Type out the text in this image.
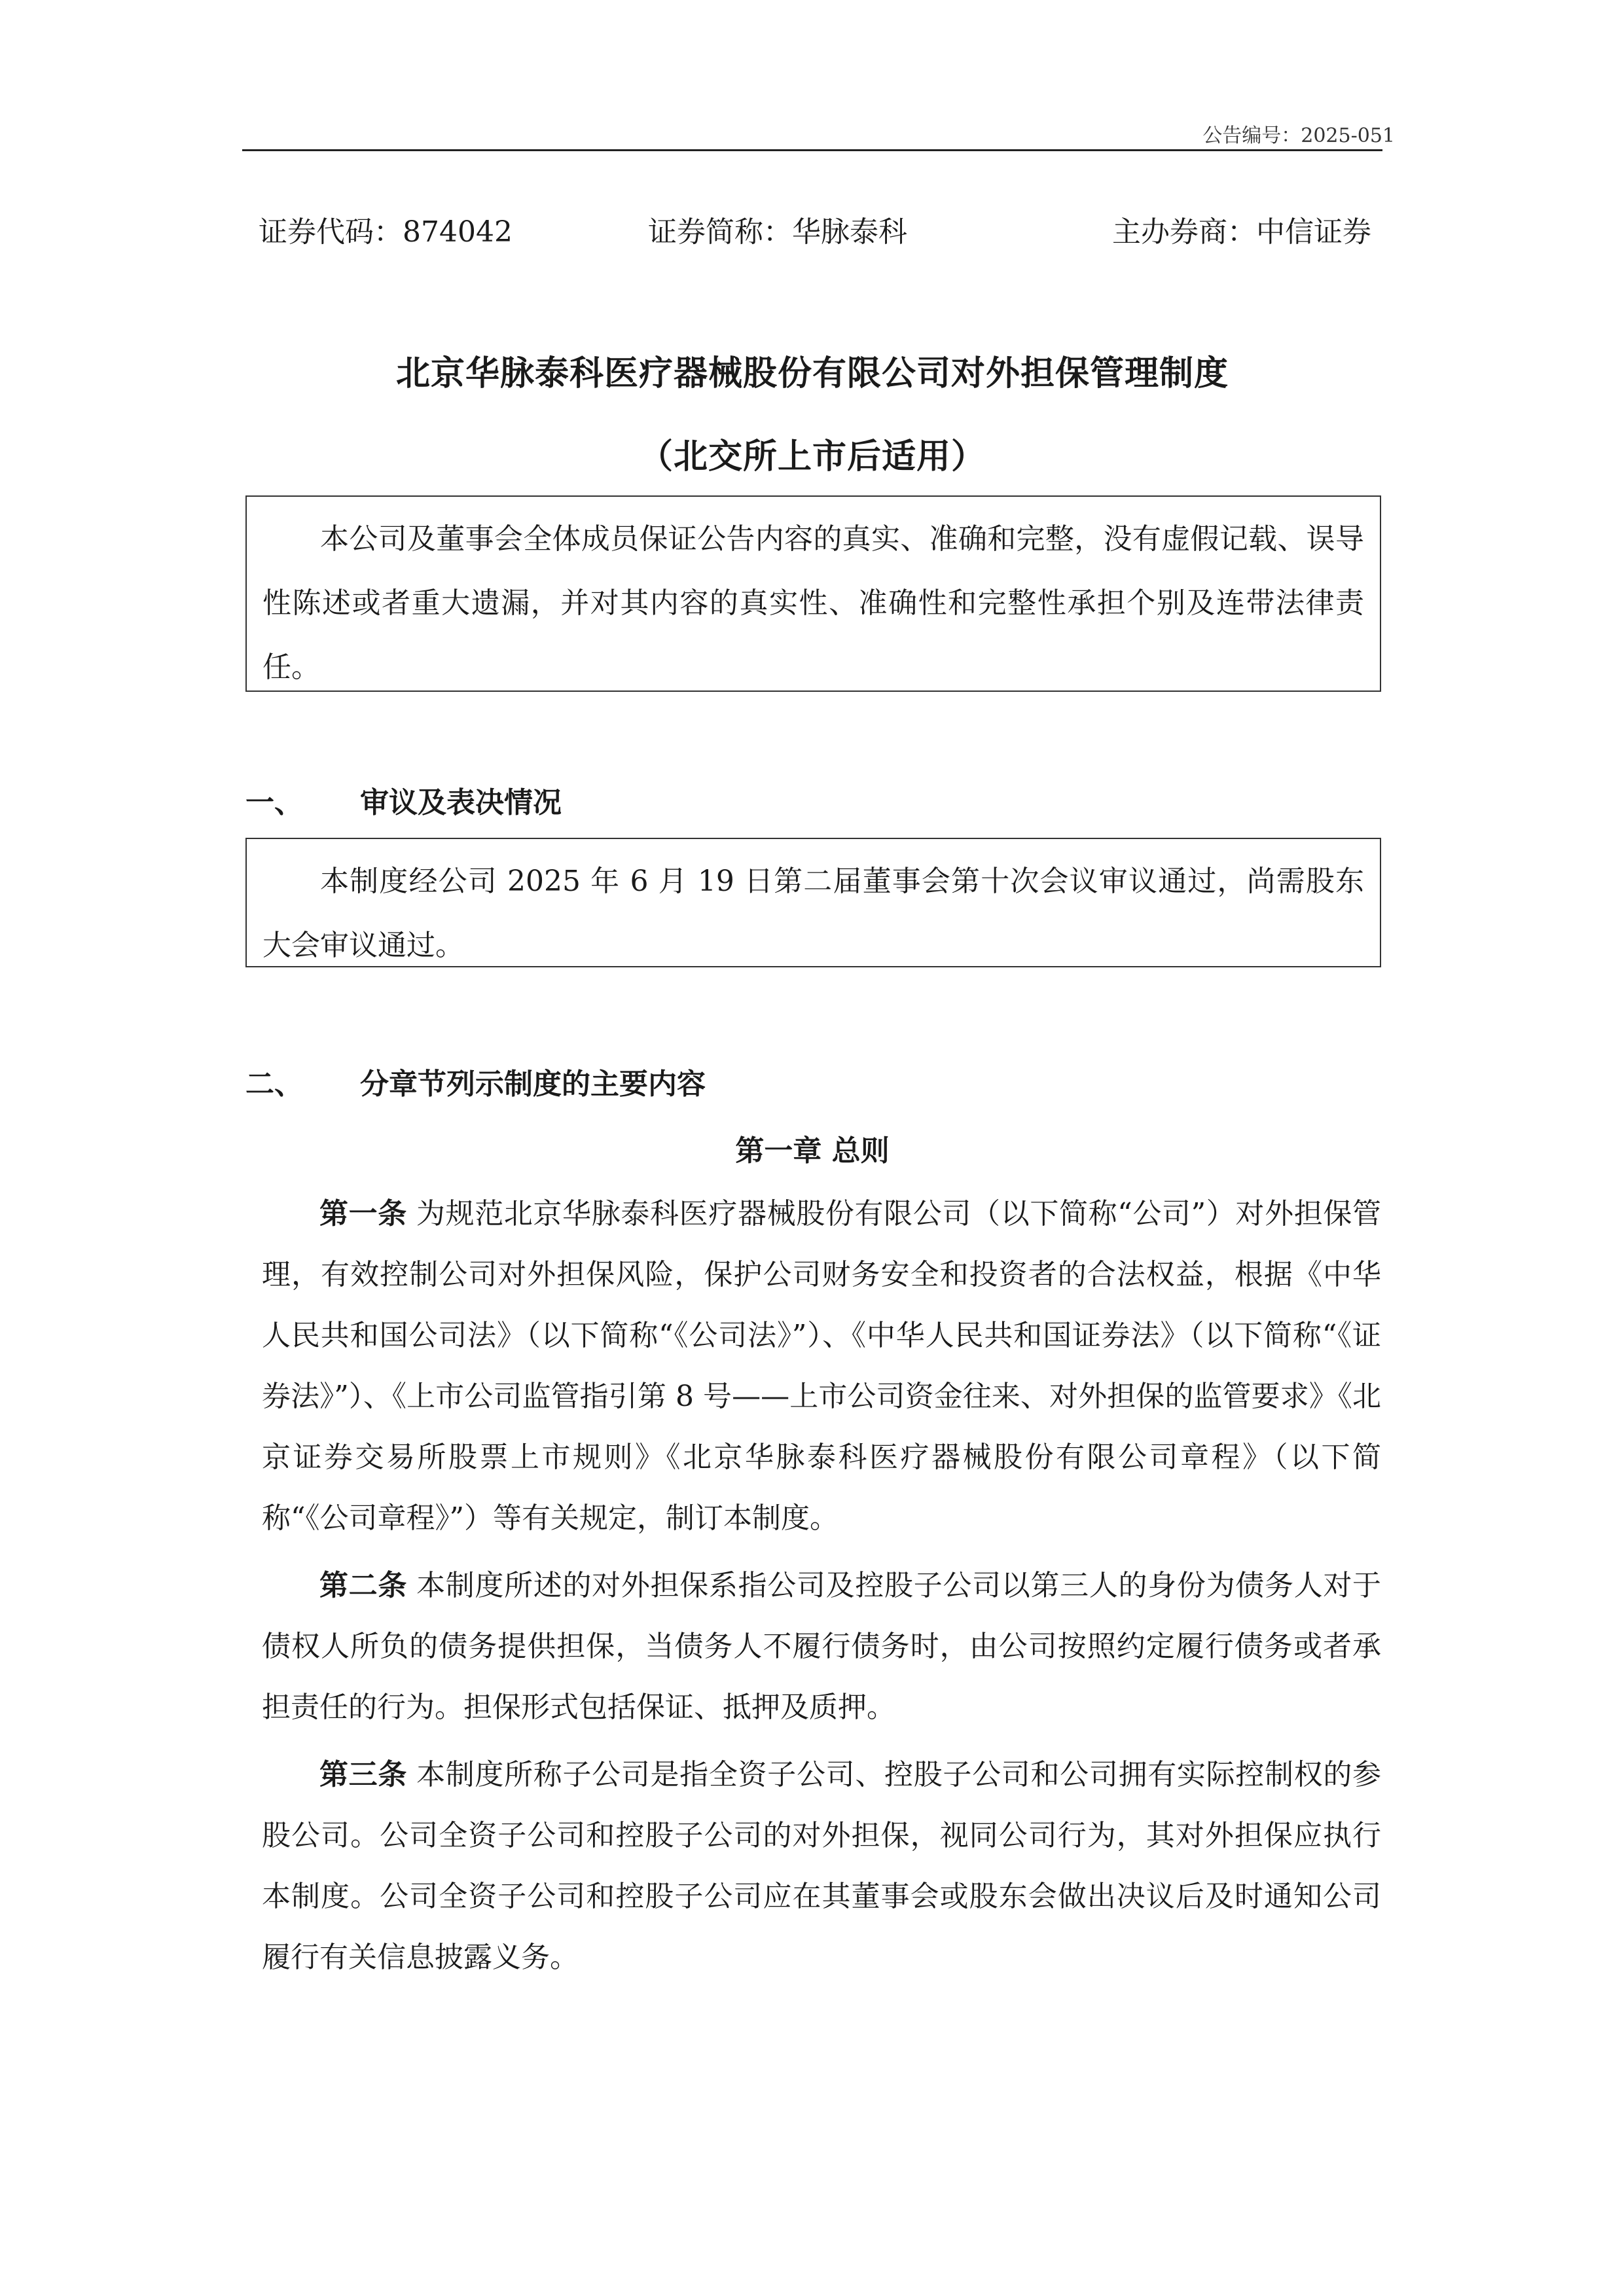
公告编号：2025-051
证券代码：874042	证券简称：华脉泰科	主办券商：中信证券
北京华脉泰科医疗器械股份有限公司对外担保管理制度
（北交所上市后适用）

本公司及董事会全体成员保证公告内容的真实、准确和完整，没有虚假记载、误导性陈述或者重大遗漏，并对其内容的真实性、准确性和完整性承担个别及连带法律责任。

一、 审议及表决情况

本制度经公司 2025 年 6 月 19 日第二届董事会第十次会议审议通过，尚需股东大会审议通过。

二、 分章节列示制度的主要内容
第一章 总则

第一条 为规范北京华脉泰科医疗器械股份有限公司（以下简称“公司”）对外担保管理，有效控制公司对外担保风险，保护公司财务安全和投资者的合法权益，根据《中华人民共和国公司法》（以下简称“《公司法》”）、《中华人民共和国证券法》（以下简称“《证券法》”）、《上市公司监管指引第 8 号——上市公司资金往来、对外担保的监管要求》《北京证券交易所股票上市规则》《北京华脉泰科医疗器械股份有限公司章程》（以下简称“《公司章程》”）等有关规定，制订本制度。

第二条 本制度所述的对外担保系指公司及控股子公司以第三人的身份为债务人对于债权人所负的债务提供担保，当债务人不履行债务时，由公司按照约定履行债务或者承担责任的行为。担保形式包括保证、抵押及质押。

第三条 本制度所称子公司是指全资子公司、控股子公司和公司拥有实际控制权的参股公司。公司全资子公司和控股子公司的对外担保，视同公司行为，其对外担保应执行本制度。公司全资子公司和控股子公司应在其董事会或股东会做出决议后及时通知公司履行有关信息披露义务。
